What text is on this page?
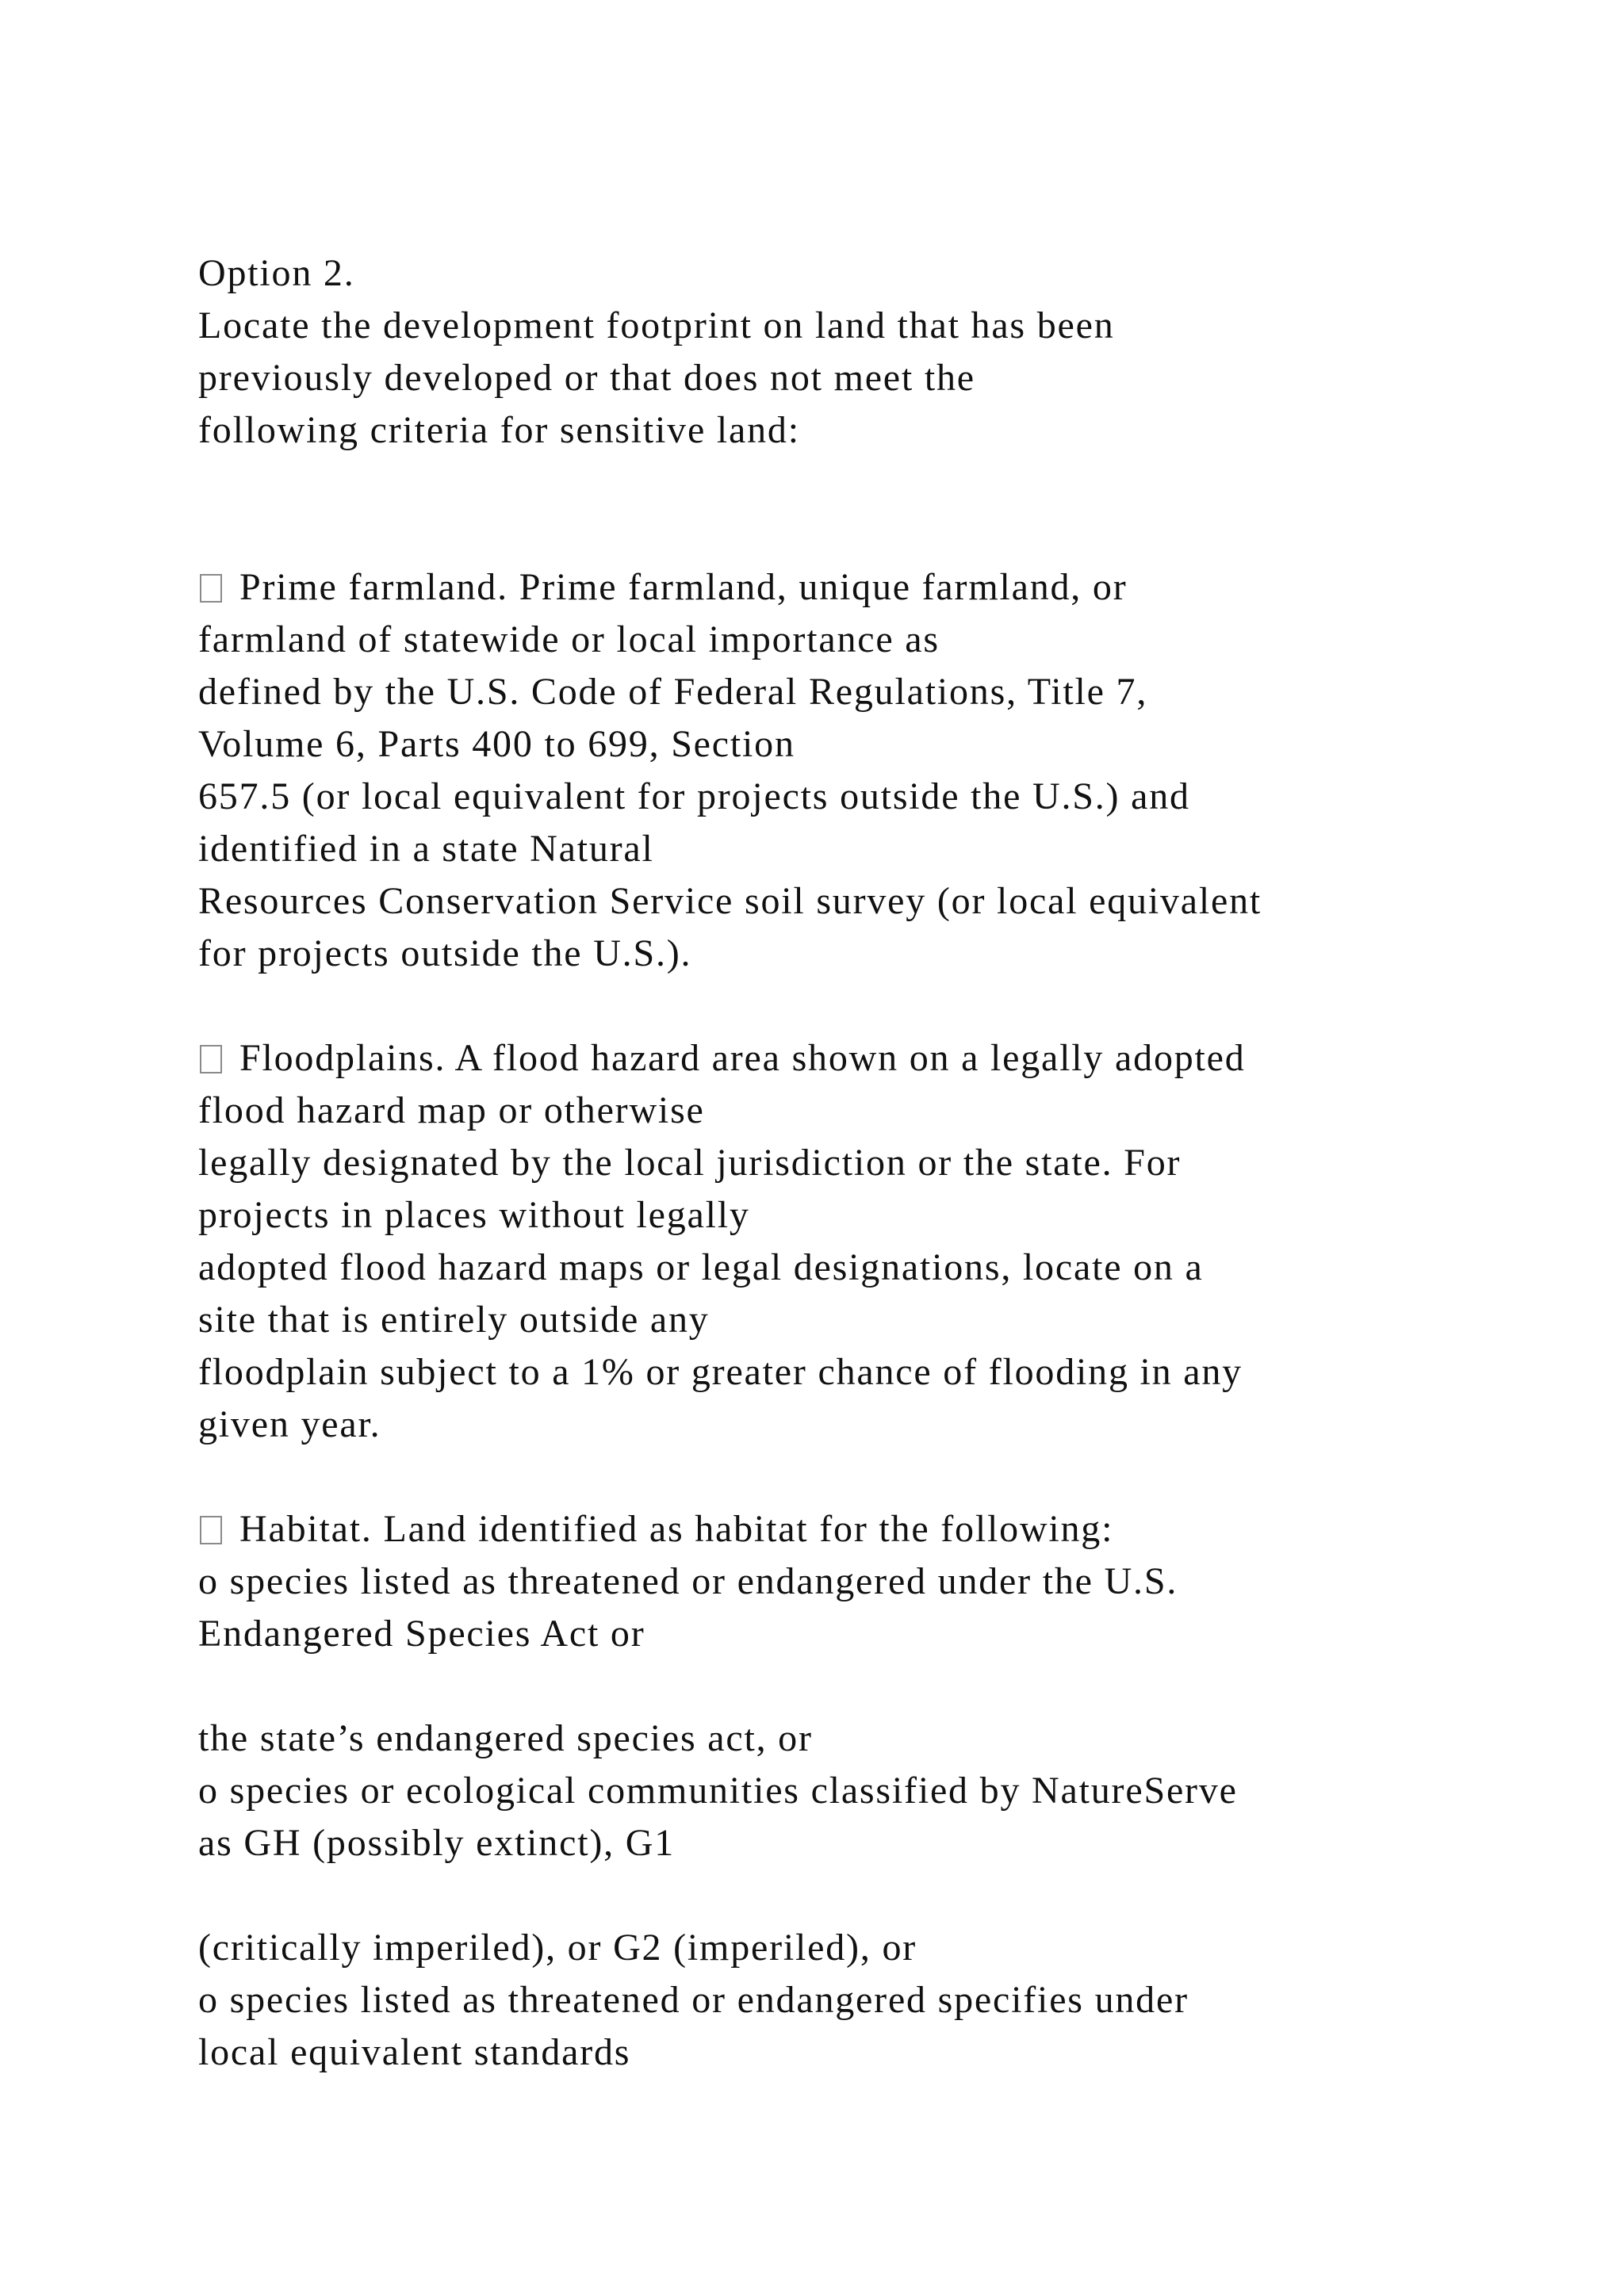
Option 2.
Locate the development footprint on land that has been
previously developed or that does not meet the
following criteria for sensitive land:
Prime farmland. Prime farmland, unique farmland, or
farmland of statewide or local importance as
defined by the U.S. Code of Federal Regulations, Title 7,
Volume 6, Parts 400 to 699, Section
657.5 (or local equivalent for projects outside the U.S.) and
identified in a state Natural
Resources Conservation Service soil survey (or local equivalent
for projects outside the U.S.).
Floodplains. A flood hazard area shown on a legally adopted
flood hazard map or otherwise
legally designated by the local jurisdiction or the state. For
projects in places without legally
adopted flood hazard maps or legal designations, locate on a
site that is entirely outside any
floodplain subject to a 1% or greater chance of flooding in any
given year.
Habitat. Land identified as habitat for the following:
o species listed as threatened or endangered under the U.S.
Endangered Species Act or
the state’s endangered species act, or
o species or ecological communities classified by NatureServe
as GH (possibly extinct), G1
(critically imperiled), or G2 (imperiled), or
o species listed as threatened or endangered specifies under
local equivalent standards
